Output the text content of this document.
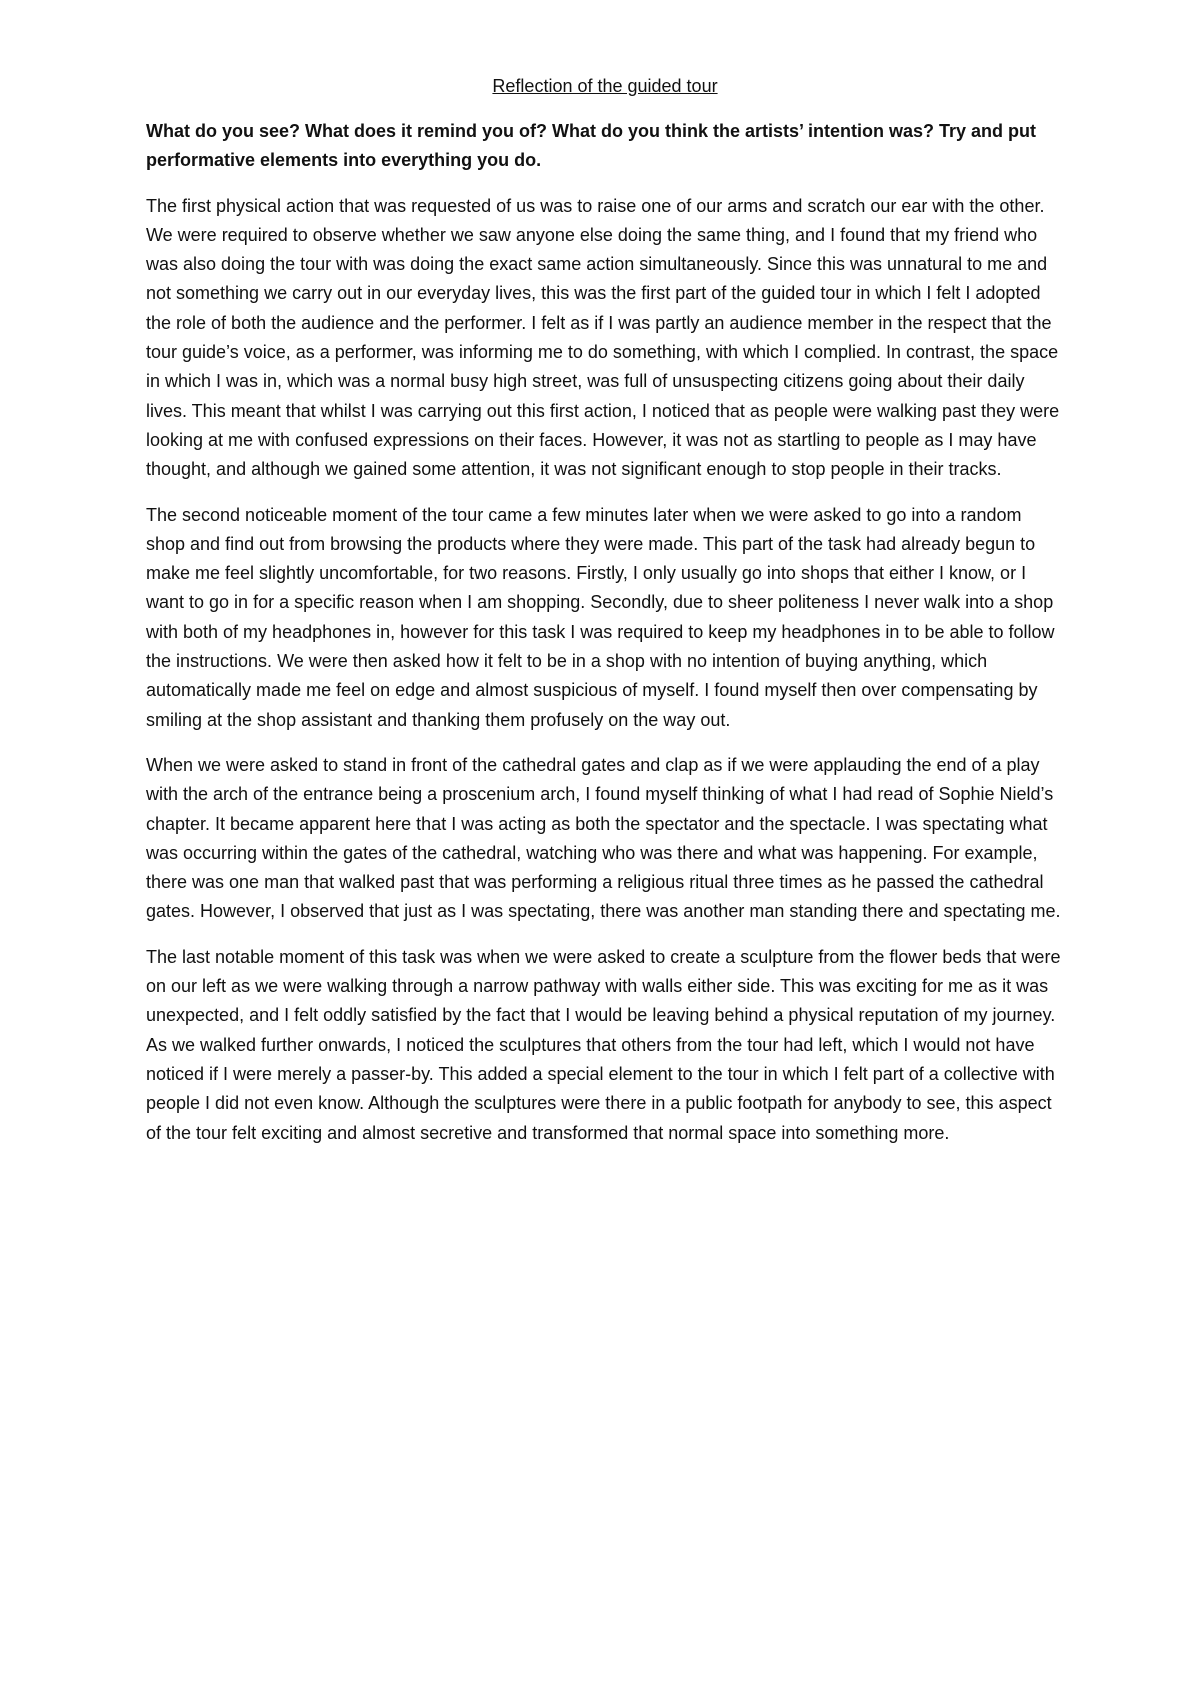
Reflection of the guided tour

What do you see? What does it remind you of? What do you think the artists’ intention was? Try and put performative elements into everything you do.

The first physical action that was requested of us was to raise one of our arms and scratch our ear with the other. We were required to observe whether we saw anyone else doing the same thing, and I found that my friend who was also doing the tour with was doing the exact same action simultaneously. Since this was unnatural to me and not something we carry out in our everyday lives, this was the first part of the guided tour in which I felt I adopted the role of both the audience and the performer. I felt as if I was partly an audience member in the respect that the tour guide’s voice, as a performer, was informing me to do something, with which I complied. In contrast, the space in which I was in, which was a normal busy high street, was full of unsuspecting citizens going about their daily lives. This meant that whilst I was carrying out this first action, I noticed that as people were walking past they were looking at me with confused expressions on their faces. However, it was not as startling to people as I may have thought, and although we gained some attention, it was not significant enough to stop people in their tracks.

The second noticeable moment of the tour came a few minutes later when we were asked to go into a random shop and find out from browsing the products where they were made. This part of the task had already begun to make me feel slightly uncomfortable, for two reasons. Firstly, I only usually go into shops that either I know, or I want to go in for a specific reason when I am shopping. Secondly, due to sheer politeness I never walk into a shop with both of my headphones in, however for this task I was required to keep my headphones in to be able to follow the instructions. We were then asked how it felt to be in a shop with no intention of buying anything, which automatically made me feel on edge and almost suspicious of myself. I found myself then over compensating by smiling at the shop assistant and thanking them profusely on the way out.

When we were asked to stand in front of the cathedral gates and clap as if we were applauding the end of a play with the arch of the entrance being a proscenium arch, I found myself thinking of what I had read of Sophie Nield’s chapter. It became apparent here that I was acting as both the spectator and the spectacle. I was spectating what was occurring within the gates of the cathedral, watching who was there and what was happening. For example, there was one man that walked past that was performing a religious ritual three times as he passed the cathedral gates. However, I observed that just as I was spectating, there was another man standing there and spectating me.

The last notable moment of this task was when we were asked to create a sculpture from the flower beds that were on our left as we were walking through a narrow pathway with walls either side. This was exciting for me as it was unexpected, and I felt oddly satisfied by the fact that I would be leaving behind a physical reputation of my journey. As we walked further onwards, I noticed the sculptures that others from the tour had left, which I would not have noticed if I were merely a passer-by. This added a special element to the tour in which I felt part of a collective with people I did not even know. Although the sculptures were there in a public footpath for anybody to see, this aspect of the tour felt exciting and almost secretive and transformed that normal space into something more.
